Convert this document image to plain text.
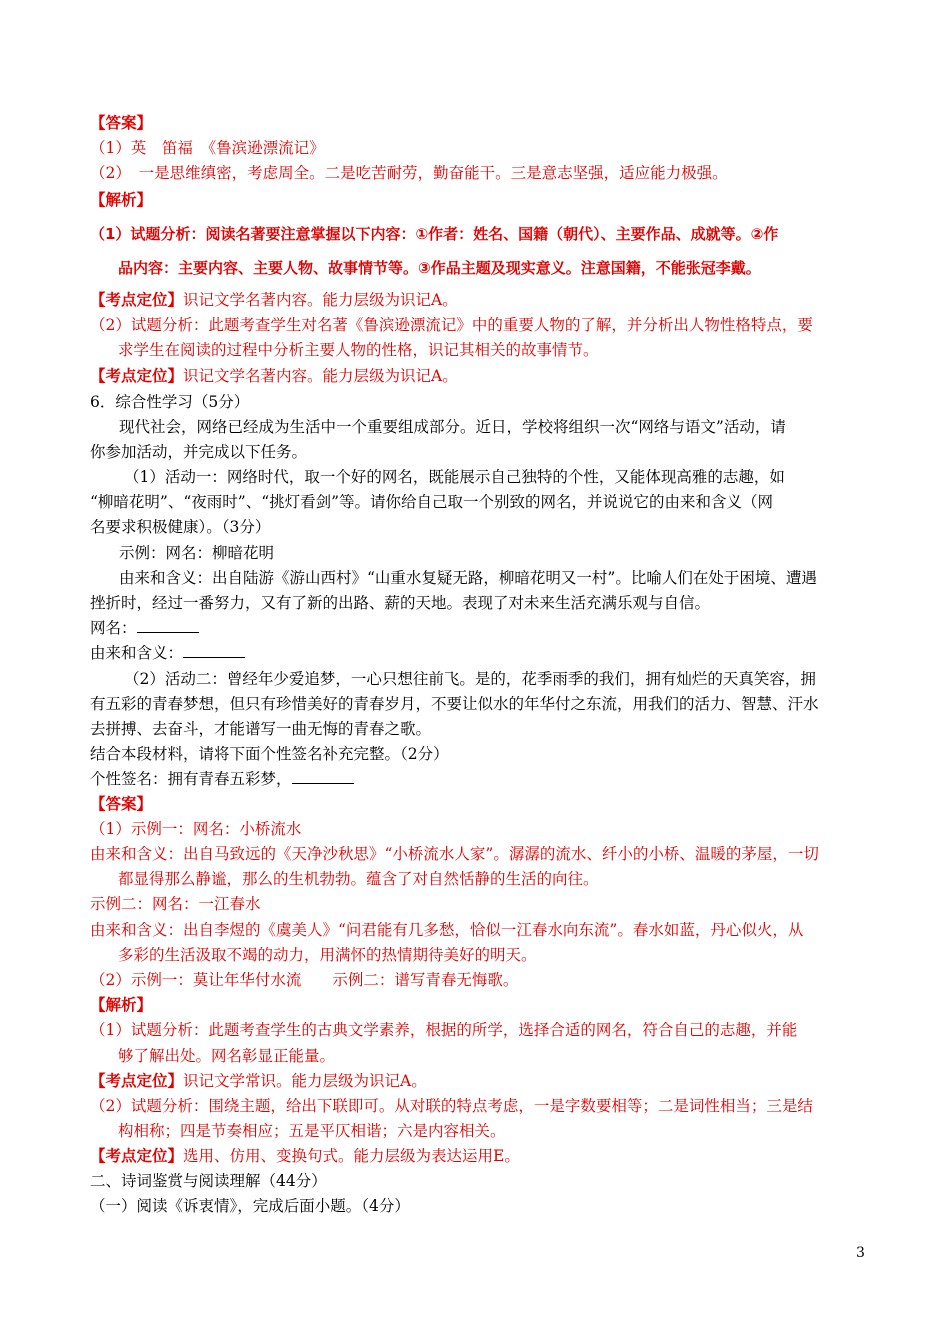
【答案】
（1）英　笛福　《鲁滨逊漂流记》
（2）　一是思维缜密，考虑周全。二是吃苦耐劳，勤奋能干。三是意志坚强，适应能力极强。
【解析】
（1）试题分析：阅读名著要注意掌握以下内容：①作者：姓名、国籍（朝代）、主要作品、成就等。②作
品内容：主要内容、主要人物、故事情节等。③作品主题及现实意义。注意国籍，不能张冠李戴。
【考点定位】识记文学名著内容。能力层级为识记A。
（2）试题分析：此题考查学生对名著《鲁滨逊漂流记》中的重要人物的了解，并分析出人物性格特点，要
求学生在阅读的过程中分析主要人物的性格，识记其相关的故事情节。
【考点定位】识记文学名著内容。能力层级为识记A。
6．综合性学习（5分）
现代社会，网络已经成为生活中一个重要组成部分。近日，学校将组织一次“网络与语文”活动，请
你参加活动，并完成以下任务。
（1）活动一：网络时代，取一个好的网名，既能展示自己独特的个性，又能体现高雅的志趣，如
“柳暗花明”、“夜雨时”、“挑灯看剑”等。请你给自己取一个别致的网名，并说说它的由来和含义（网
名要求积极健康）。（3分）
示例：网名：柳暗花明
由来和含义：出自陆游《游山西村》“山重水复疑无路，柳暗花明又一村”。比喻人们在处于困境、遭遇
挫折时，经过一番努力，又有了新的出路、薪的天地。表现了对未来生活充满乐观与自信。
网名：
由来和含义：
（2）活动二：曾经年少爱追梦，一心只想往前飞。是的，花季雨季的我们，拥有灿烂的天真笑容，拥
有五彩的青春梦想，但只有珍惜美好的青春岁月，不要让似水的年华付之东流，用我们的活力、智慧、汗水
去拼搏、去奋斗，才能谱写一曲无悔的青春之歌。
结合本段材料，请将下面个性签名补充完整。（2分）
个性签名：拥有青春五彩梦，
【答案】
（1）示例一：网名：小桥流水
由来和含义：出自马致远的《天净沙秋思》“小桥流水人家”。潺潺的流水、纤小的小桥、温暖的茅屋，一切
都显得那么静谧，那么的生机勃勃。蕴含了对自然恬静的生活的向往。
示例二：网名：一江春水
由来和含义：出自李煜的《虞美人》“问君能有几多愁，恰似一江春水向东流”。春水如蓝，丹心似火，从
多彩的生活汲取不竭的动力，用满怀的热情期待美好的明天。
（2）示例一：莫让年华付水流　　示例二：谱写青春无悔歌。
【解析】
（1）试题分析：此题考查学生的古典文学素养，根据的所学，选择合适的网名，符合自己的志趣，并能
够了解出处。网名彰显正能量。
【考点定位】识记文学常识。能力层级为识记A。
（2）试题分析：围绕主题，给出下联即可。从对联的特点考虑，一是字数要相等；二是词性相当；三是结
构相称；四是节奏相应；五是平仄相谐；六是内容相关。
【考点定位】选用、仿用、变换句式。能力层级为表达运用E。
二、诗词鉴赏与阅读理解（44分）
（一）阅读《诉衷情》，完成后面小题。（4分）
3
